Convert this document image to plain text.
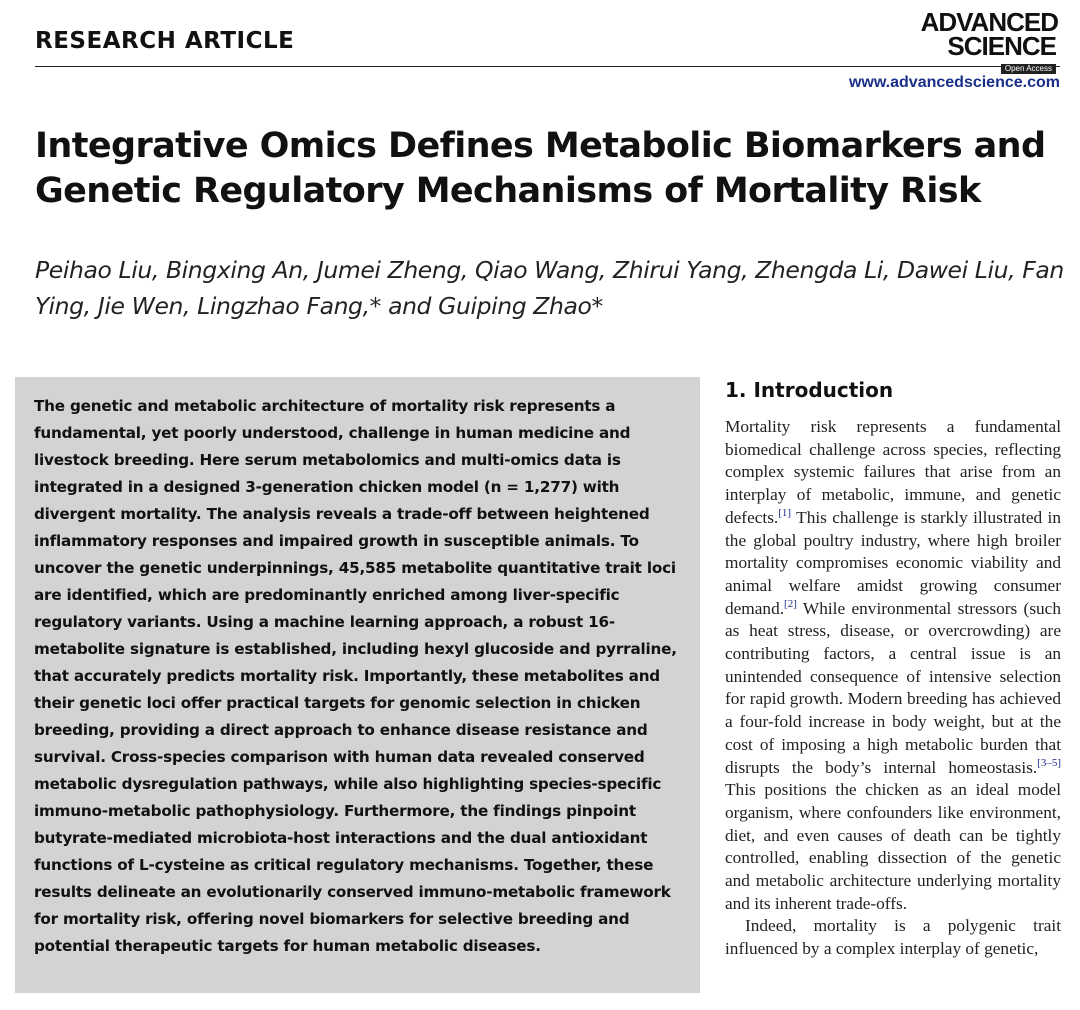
RESEARCH ARTICLE
ADVANCED
SCIENCE
Open Access
www.advancedscience.com
Integrative Omics Defines Metabolic Biomarkers and Genetic Regulatory Mechanisms of Mortality Risk

Peihao Liu, Bingxing An, Jumei Zheng, Qiao Wang, Zhirui Yang, Zhengda Li, Dawei Liu, Fan Ying, Jie Wen, Lingzhao Fang,* and Guiping Zhao*

The genetic and metabolic architecture of mortality risk represents a fundamental, yet poorly understood, challenge in human medicine and livestock breeding. Here serum metabolomics and multi-omics data is integrated in a designed 3-generation chicken model (n = 1,277) with divergent mortality. The analysis reveals a trade-off between heightened inflammatory responses and impaired growth in susceptible animals. To uncover the genetic underpinnings, 45,585 metabolite quantitative trait loci are identified, which are predominantly enriched among liver-specific regulatory variants. Using a machine learning approach, a robust 16-metabolite signature is established, including hexyl glucoside and pyrraline, that accurately predicts mortality risk. Importantly, these metabolites and their genetic loci offer practical targets for genomic selection in chicken breeding, providing a direct approach to enhance disease resistance and survival. Cross-species comparison with human data revealed conserved metabolic dysregulation pathways, while also highlighting species-specific immuno-metabolic pathophysiology. Furthermore, the findings pinpoint butyrate-mediated microbiota-host interactions and the dual antioxidant functions of L-cysteine as critical regulatory mechanisms. Together, these results delineate an evolutionarily conserved immuno-metabolic framework for mortality risk, offering novel biomarkers for selective breeding and potential therapeutic targets for human metabolic diseases.

1. Introduction

Mortality risk represents a fundamental biomedical challenge across species, reflecting complex systemic failures that arise from an interplay of metabolic, immune, and genetic defects.[1] This challenge is starkly illustrated in the global poultry industry, where high broiler mortality compromises economic viability and animal welfare amidst growing consumer demand.[2] While environmental stressors (such as heat stress, disease, or overcrowding) are contributing factors, a central issue is an unintended consequence of intensive selection for rapid growth. Modern breeding has achieved a four-fold increase in body weight, but at the cost of imposing a high metabolic burden that disrupts the body’s internal homeostasis.[3–5] This positions the chicken as an ideal model organism, where confounders like environment, diet, and even causes of death can be tightly controlled, enabling dissection of the genetic and metabolic architecture underlying mortality and its inherent trade-offs.

Indeed, mortality is a polygenic trait influenced by a complex interplay of genetic,
